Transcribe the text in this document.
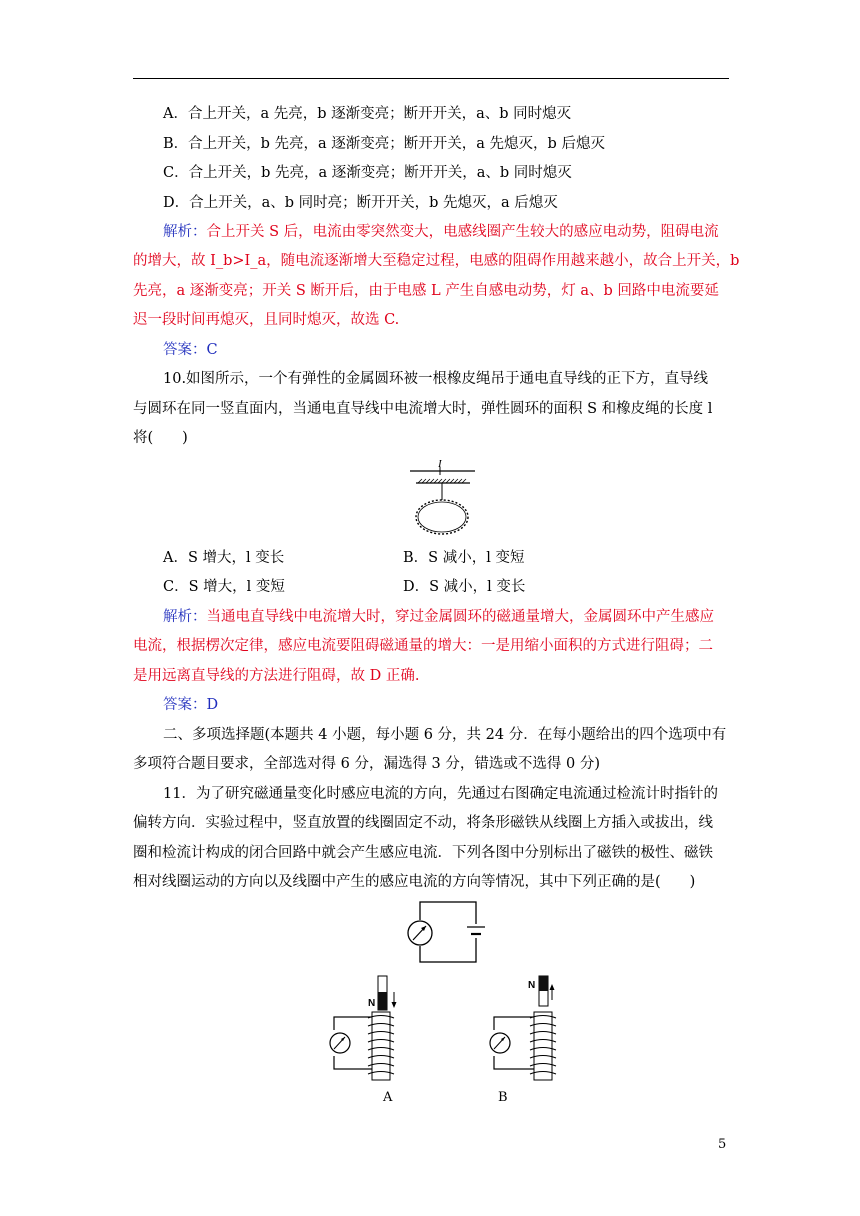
A．合上开关，a 先亮，b 逐渐变亮；断开开关，a、b 同时熄灭
B．合上开关，b 先亮，a 逐渐变亮；断开开关，a 先熄灭，b 后熄灭
C．合上开关，b 先亮，a 逐渐变亮；断开开关，a、b 同时熄灭
D．合上开关，a、b 同时亮；断开开关，b 先熄灭，a 后熄灭
解析：合上开关 S 后，电流由零突然变大，电感线圈产生较大的感应电动势，阻碍电流
的增大，故 I_b>I_a，随电流逐渐增大至稳定过程，电感的阻碍作用越来越小，故合上开关，b
先亮，a 逐渐变亮；开关 S 断开后，由于电感 L 产生自感电动势，灯 a、b 回路中电流要延
迟一段时间再熄灭，且同时熄灭，故选 C.
答案：C
10.如图所示，一个有弹性的金属圆环被一根橡皮绳吊于通电直导线的正下方，直导线
与圆环在同一竖直面内，当通电直导线中电流增大时，弹性圆环的面积 S 和橡皮绳的长度 l
将(　　)
I
A．S 增大，l 变长	B．S 减小，l 变短
C．S 增大，l 变短	D．S 减小，l 变长
解析：当通电直导线中电流增大时，穿过金属圆环的磁通量增大，金属圆环中产生感应
电流，根据楞次定律，感应电流要阻碍磁通量的增大：一是用缩小面积的方式进行阻碍；二
是用远离直导线的方法进行阻碍，故 D 正确.
答案：D
二、多项选择题(本题共 4 小题，每小题 6 分，共 24 分．在每小题给出的四个选项中有
多项符合题目要求，全部选对得 6 分，漏选得 3 分，错选或不选得 0 分)
11．为了研究磁通量变化时感应电流的方向，先通过右图确定电流通过检流计时指针的
偏转方向．实验过程中，竖直放置的线圈固定不动，将条形磁铁从线圈上方插入或拔出，线
圈和检流计构成的闭合回路中就会产生感应电流．下列各图中分别标出了磁铁的极性、磁铁
相对线圈运动的方向以及线圈中产生的感应电流的方向等情况，其中下列正确的是(　　)
N
A
N
B
5
